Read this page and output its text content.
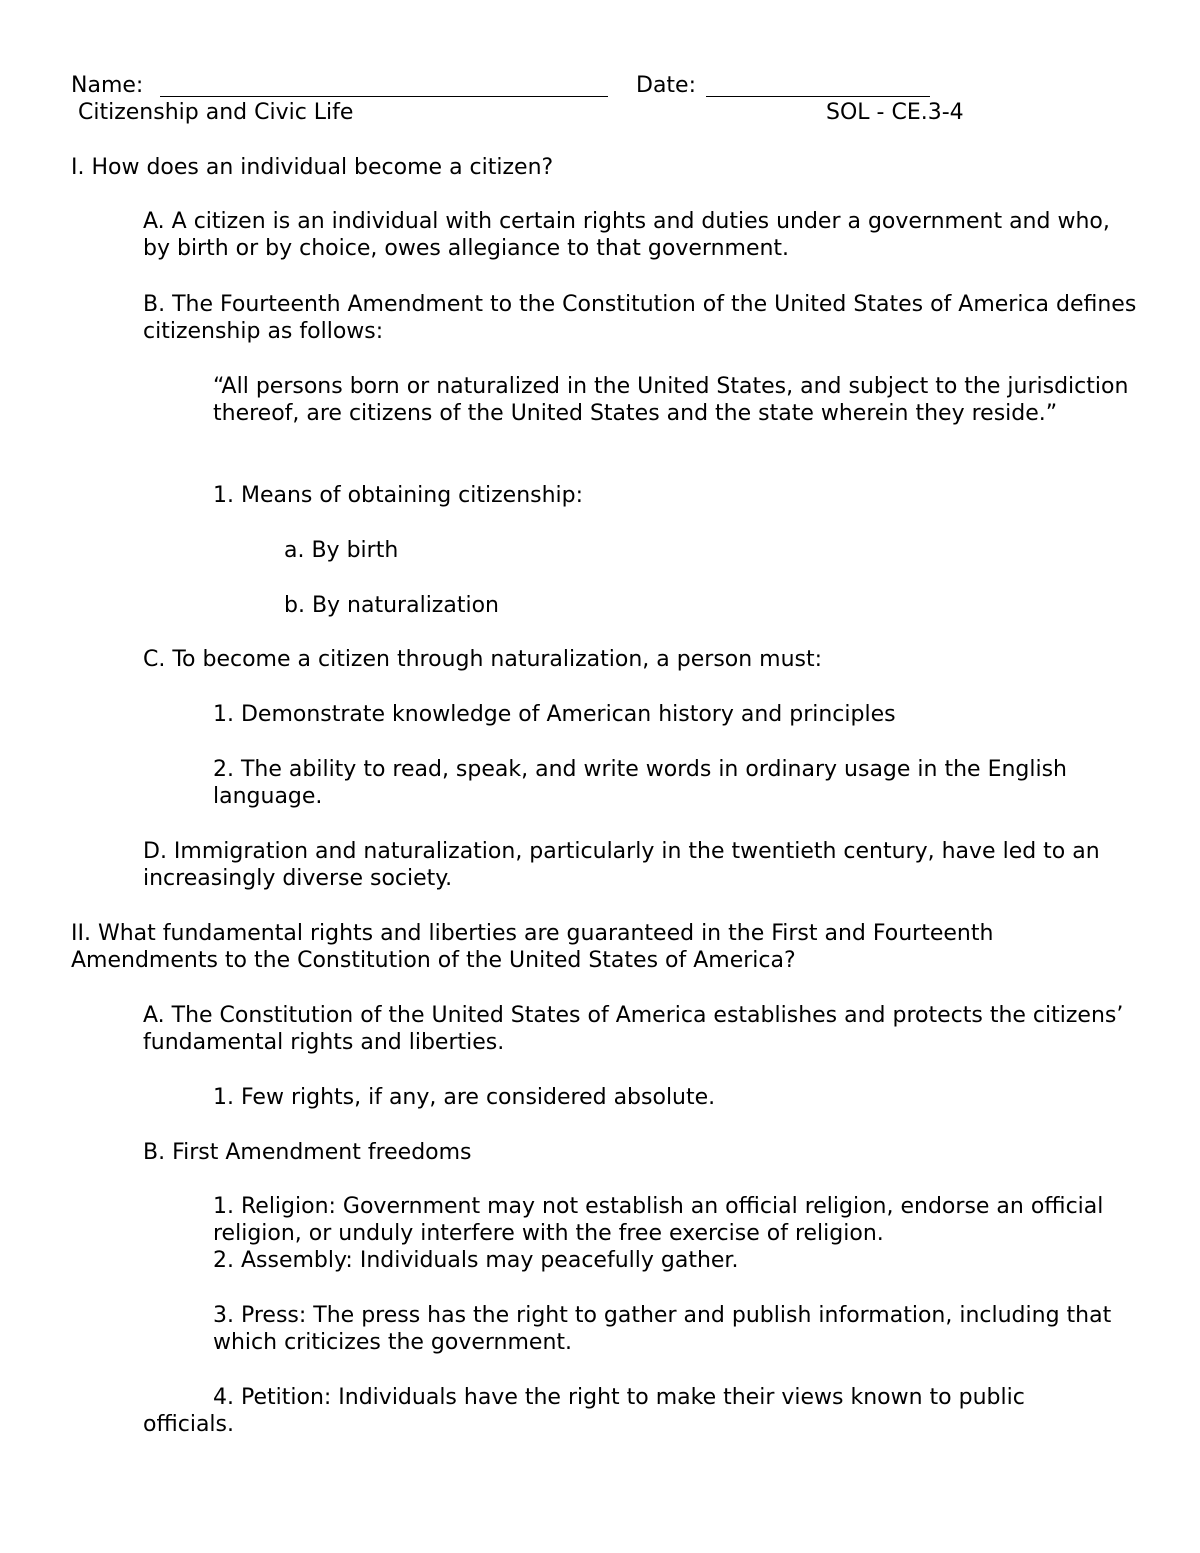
Name:	Date:
Citizenship and Civic Life	SOL - CE.3-4

I. How does an individual become a citizen?

A. A citizen is an individual with certain rights and duties under a government and who, by birth or by choice, owes allegiance to that government.

B. The Fourteenth Amendment to the Constitution of the United States of America defines citizenship as follows:

“All persons born or naturalized in the United States, and subject to the jurisdiction thereof, are citizens of the United States and the state wherein they reside.”

1. Means of obtaining citizenship:

a. By birth

b. By naturalization

C. To become a citizen through naturalization, a person must:

1. Demonstrate knowledge of American history and principles

2. The ability to read, speak, and write words in ordinary usage in the English language.

D. Immigration and naturalization, particularly in the twentieth century, have led to an increasingly diverse society.

II. What fundamental rights and liberties are guaranteed in the First and Fourteenth Amendments to the Constitution of the United States of America?

A. The Constitution of the United States of America establishes and protects the citizens’ fundamental rights and liberties.

1. Few rights, if any, are considered absolute.

B. First Amendment freedoms

1. Religion: Government may not establish an official religion, endorse an official religion, or unduly interfere with the free exercise of religion.

2. Assembly: Individuals may peacefully gather.

3. Press: The press has the right to gather and publish information, including that which criticizes the government.

4. Petition: Individuals have the right to make their views known to public

officials.
